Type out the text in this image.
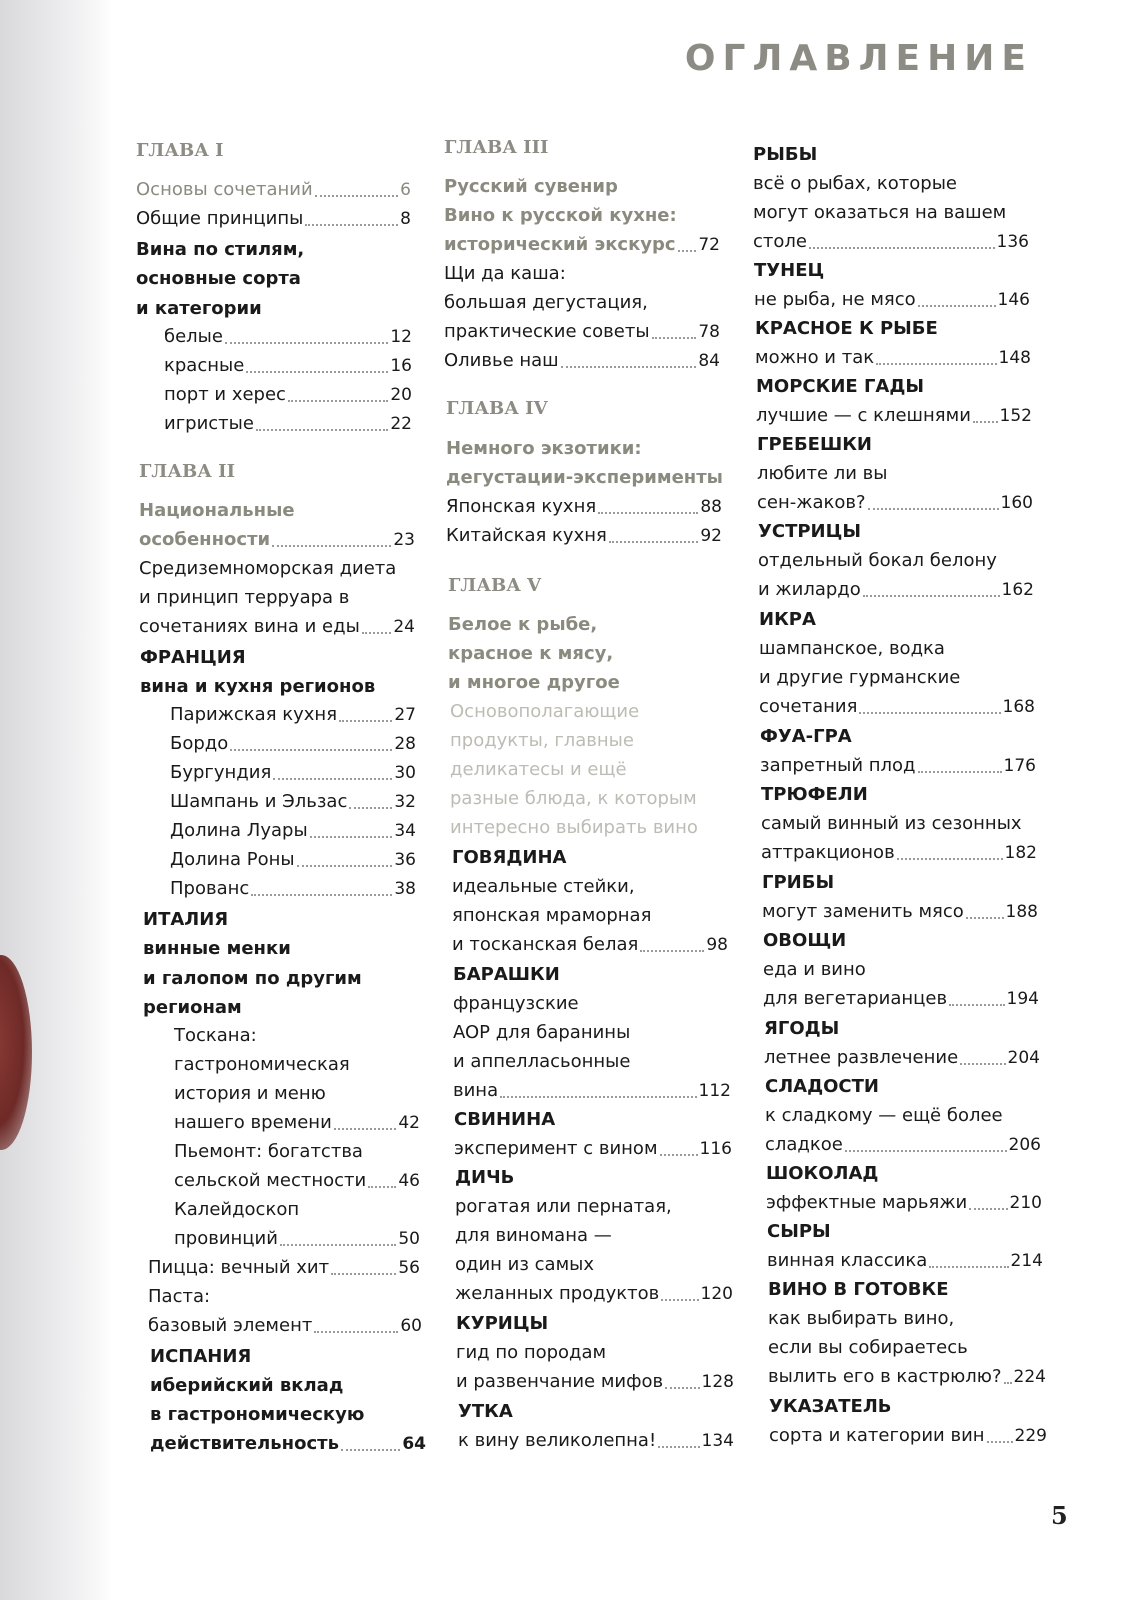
ОГЛАВЛЕНИЕ
ГЛАВА I
Основы сочетаний	6
Общие принципы	8
Вина по стилям,
основные сорта
и категории
белые	12
красные	16
порт и херес	20
игристые	22
ГЛАВА II
Национальные
особенности	23
Средиземноморская диета
и принцип терруара в
сочетаниях вина и еды 24
ФРАНЦИЯ
вина и кухня регионов
Парижская кухня	27
Бордо	28
Бургундия	30
Шампань и Эльзас	32
Долина Луары	34
Долина Роны	36
Прованс	38
ИТАЛИЯ
винные менки
и галопом по другим
регионам
Тоскана:
гастрономическая
история и меню
нашего времени	42
Пьемонт: богатства
сельской местности 46
Калейдоскоп
провинций	50
Пицца: вечный хит	56
Паста:
базовый элемент	60
ИСПАНИЯ
иберийский вклад
в гастрономическую
действительность	64
ГЛАВА III
Русский сувенир
Вино к русской кухне:
исторический экскурс 72
Щи да каша:
большая дегустация,
практические советы	78
Оливье наш	84
ГЛАВА IV
Немного экзотики:
дегустации-эксперименты
Японская кухня	88
Китайская кухня	92
ГЛАВА V
Белое к рыбе,
красное к мясу,
и многое другое
Основополагающие
продукты, главные
деликатесы и ещё
разные блюда, к которым
интересно выбирать вино
ГОВЯДИНА
идеальные стейки,
японская мраморная
и тосканская белая	98
БАРАШКИ
французские
AOP для баранины
и аппелласьонные
вина	112
СВИНИНА
эксперимент с вином 116
ДИЧЬ
рогатая или пернатая,
для виномана —
один из самых
желанных продуктов 120
КУРИЦЫ
гид по породам
и развенчание мифов 128
УТКА
к вину великолепна!	134
РЫБЫ
всё о рыбах, которые
могут оказаться на вашем
столе	136
ТУНЕЦ
не рыба, не мясо	146
КРАСНОЕ К РЫБЕ
можно и так	148
МОРСКИЕ ГАДЫ
лучшие — с клешнями 152
ГРЕБЕШКИ
любите ли вы
сен-жаков?	160
УСТРИЦЫ
отдельный бокал белону
и жилардо	162
ИКРА
шампанское, водка
и другие гурманские
сочетания	168
ФУА-ГРА
запретный плод	176
ТРЮФЕЛИ
самый винный из сезонных
аттракционов	182
ГРИБЫ
могут заменить мясо 188
ОВОЩИ
еда и вино
для вегетарианцев	194
ЯГОДЫ
летнее развлечение	204
СЛАДОСТИ
к сладкому — ещё более
сладкое	206
ШОКОЛАД
эффектные марьяжи 210
СЫРЫ
винная классика	214
ВИНО В ГОТОВКЕ
как выбирать вино,
если вы собираетесь
вылить его в кастрюлю? 224
УКАЗАТЕЛЬ
сорта и категории вин 229
5
